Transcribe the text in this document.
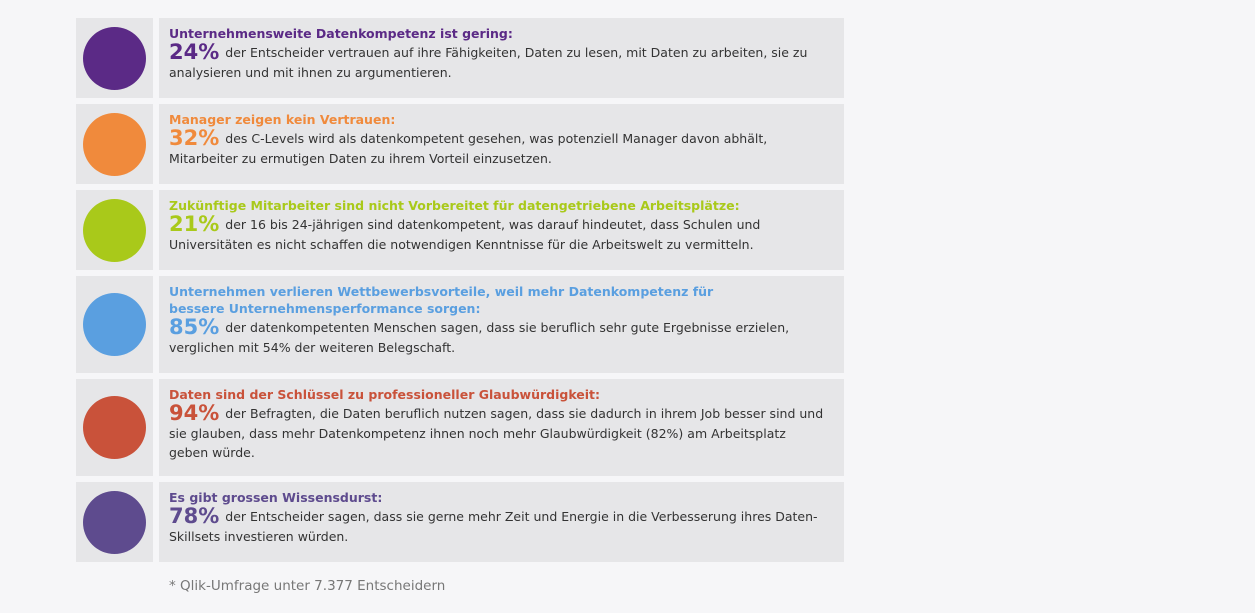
Unternehmensweite Datenkompetenz ist gering:
24% der Entscheider vertrauen auf ihre Fähigkeiten, Daten zu lesen, mit Daten zu arbeiten, sie zu
analysieren und mit ihnen zu argumentieren.
Manager zeigen kein Vertrauen:
32% des C-Levels wird als datenkompetent gesehen, was potenziell Manager davon abhält,
Mitarbeiter zu ermutigen Daten zu ihrem Vorteil einzusetzen.
Zukünftige Mitarbeiter sind nicht Vorbereitet für datengetriebene Arbeitsplätze:
21% der 16 bis 24-jährigen sind datenkompetent, was darauf hindeutet, dass Schulen und
Universitäten es nicht schaffen die notwendigen Kenntnisse für die Arbeitswelt zu vermitteln.
Unternehmen verlieren Wettbewerbsvorteile, weil mehr Datenkompetenz für bessere Unternehmensperformance sorgen:
85% der datenkompetenten Menschen sagen, dass sie beruflich sehr gute Ergebnisse erzielen,
verglichen mit 54% der weiteren Belegschaft.
Daten sind der Schlüssel zu professioneller Glaubwürdigkeit:
94% der Befragten, die Daten beruflich nutzen sagen, dass sie dadurch in ihrem Job besser sind und
sie glauben, dass mehr Datenkompetenz ihnen noch mehr Glaubwürdigkeit (82%) am Arbeitsplatz geben würde.
Es gibt grossen Wissensdurst:
78% der Entscheider sagen, dass sie gerne mehr Zeit und Energie in die Verbesserung ihres Daten-
Skillsets investieren würden.
* Qlik-Umfrage unter 7.377 Entscheidern
